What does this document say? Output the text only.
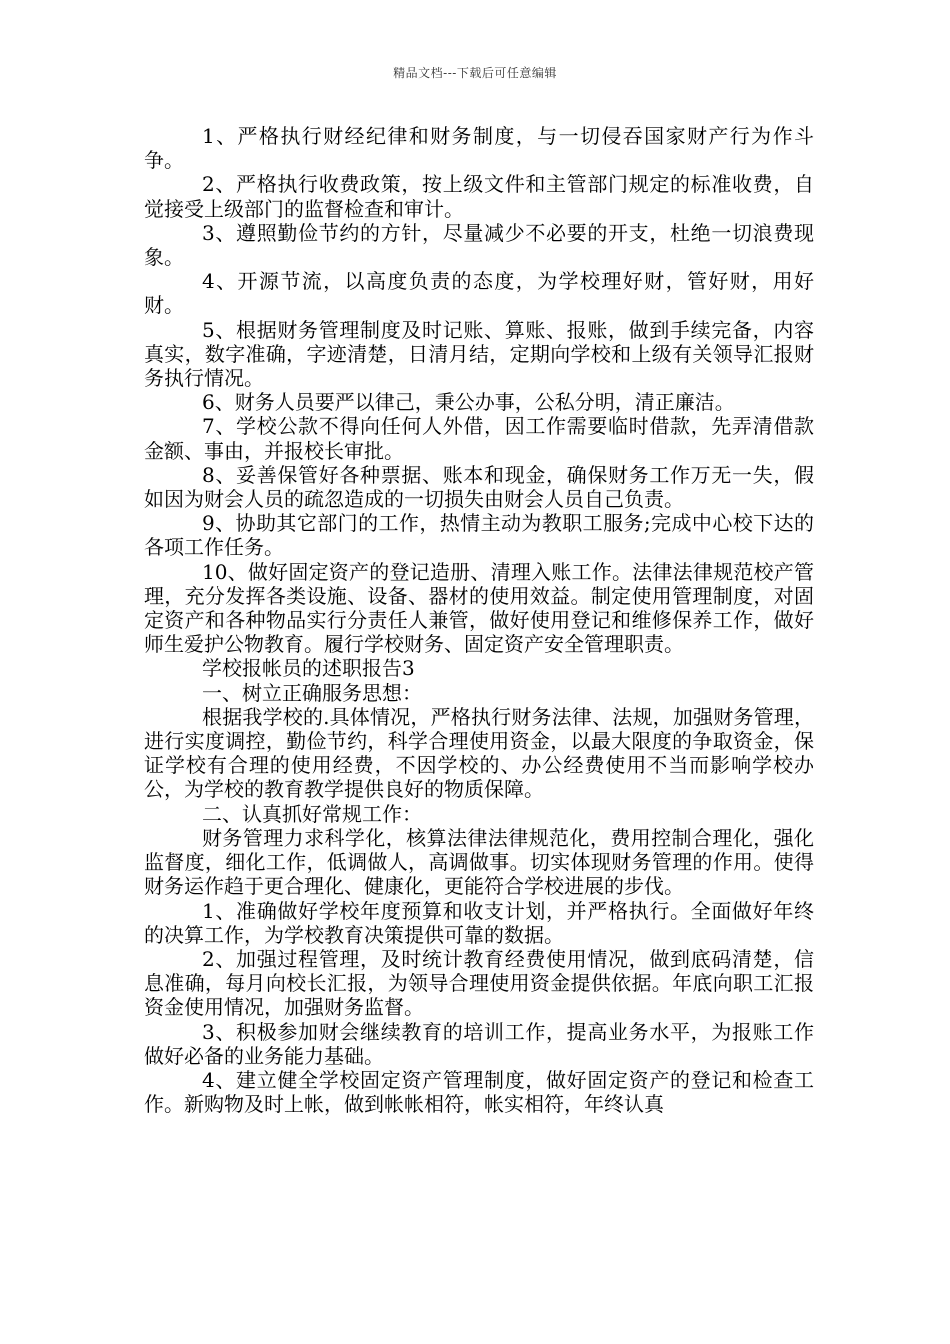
精品文档---下载后可任意编辑

1、严格执行财经纪律和财务制度，与一切侵吞国家财产行为作斗争。

2、严格执行收费政策，按上级文件和主管部门规定的标准收费，自觉接受上级部门的监督检查和审计。

3、遵照勤俭节约的方针，尽量减少不必要的开支，杜绝一切浪费现象。

4、开源节流，以高度负责的态度，为学校理好财，管好财，用好财。

5、根据财务管理制度及时记账、算账、报账，做到手续完备，内容真实，数字准确，字迹清楚，日清月结，定期向学校和上级有关领导汇报财务执行情况。

6、财务人员要严以律己，秉公办事，公私分明，清正廉洁。

7、学校公款不得向任何人外借，因工作需要临时借款，先弄清借款金额、事由，并报校长审批。

8、妥善保管好各种票据、账本和现金，确保财务工作万无一失，假如因为财会人员的疏忽造成的一切损失由财会人员自己负责。

9、协助其它部门的工作，热情主动为教职工服务;完成中心校下达的各项工作任务。

10、做好固定资产的登记造册、清理入账工作。法律法律规范校产管理，充分发挥各类设施、设备、器材的使用效益。制定使用管理制度，对固定资产和各种物品实行分责任人兼管，做好使用登记和维修保养工作，做好师生爱护公物教育。履行学校财务、固定资产安全管理职责。

学校报帐员的述职报告3

一、树立正确服务思想：

根据我学校的.具体情况，严格执行财务法律、法规，加强财务管理，进行实度调控，勤俭节约，科学合理使用资金，以最大限度的争取资金，保证学校有合理的使用经费，不因学校的、办公经费使用不当而影响学校办公，为学校的教育教学提供良好的物质保障。

二、认真抓好常规工作：

财务管理力求科学化，核算法律法律规范化，费用控制合理化，强化监督度，细化工作，低调做人，高调做事。切实体现财务管理的作用。使得财务运作趋于更合理化、健康化，更能符合学校进展的步伐。

1、准确做好学校年度预算和收支计划，并严格执行。全面做好年终的决算工作，为学校教育决策提供可靠的数据。

2、加强过程管理，及时统计教育经费使用情况，做到底码清楚，信息准确，每月向校长汇报，为领导合理使用资金提供依据。年底向职工汇报资金使用情况，加强财务监督。

3、积极参加财会继续教育的培训工作，提高业务水平，为报账工作做好必备的业务能力基础。

4、建立健全学校固定资产管理制度，做好固定资产的登记和检查工作。新购物及时上帐，做到帐帐相符，帐实相符，年终认真
